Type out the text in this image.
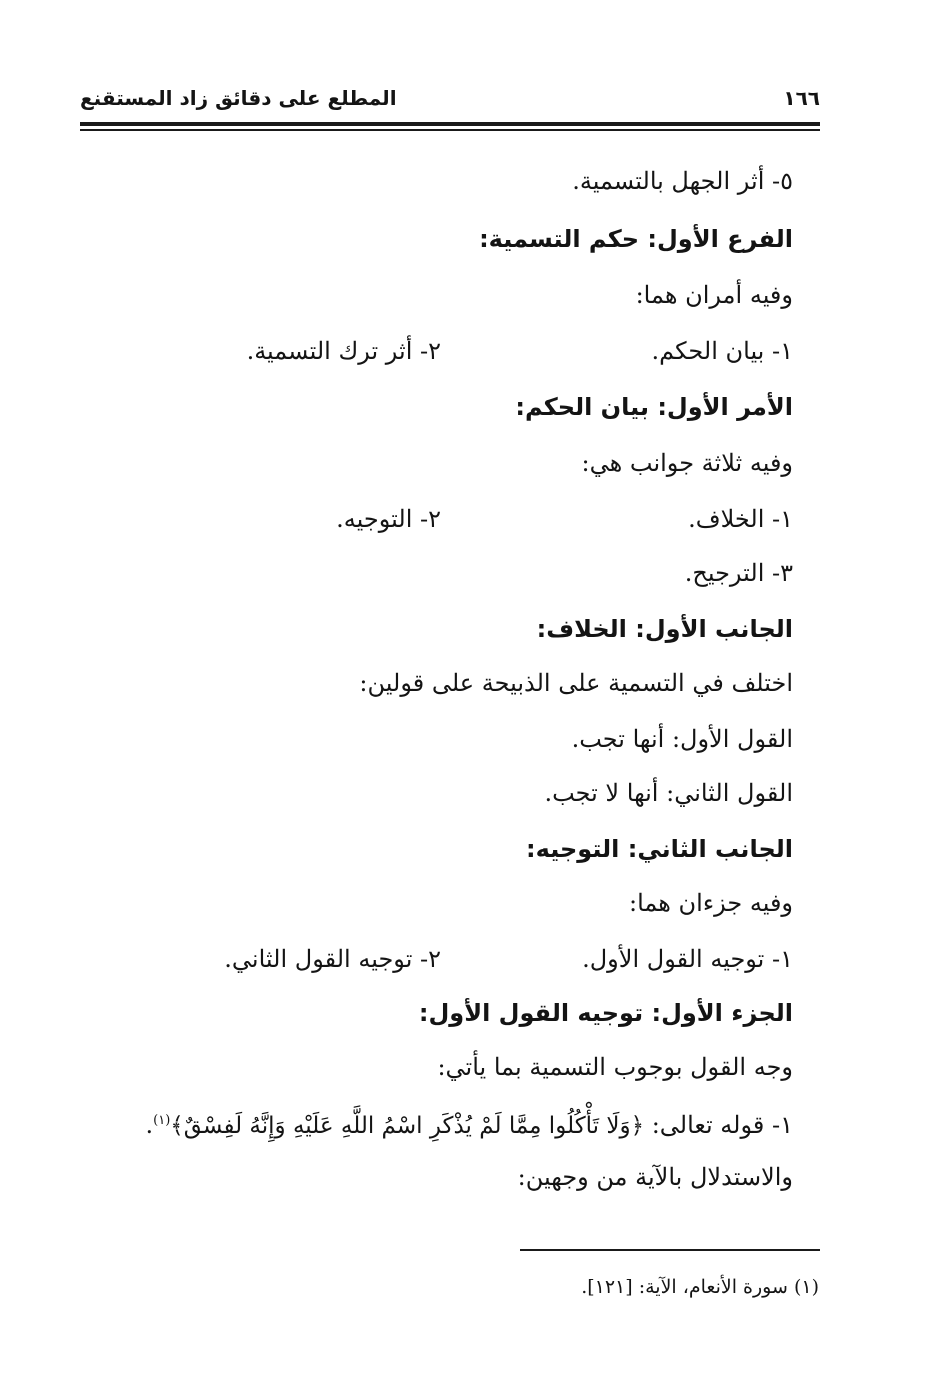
المطلع على دقائق زاد المستقنع	١٦٦
٥- أثر الجهل بالتسمية.
الفرع الأول: حكم التسمية:
وفيه أمران هما:
١- بيان الحكم.
٢- أثر ترك التسمية.
الأمر الأول: بيان الحكم:
وفيه ثلاثة جوانب هي:
١- الخلاف.
٢- التوجيه.
٣- الترجيح.
الجانب الأول: الخلاف:
اختلف في التسمية على الذبيحة على قولين:
القول الأول: أنها تجب.
القول الثاني: أنها لا تجب.
الجانب الثاني: التوجيه:
وفيه جزءان هما:
١- توجيه القول الأول.
٢- توجيه القول الثاني.
الجزء الأول: توجيه القول الأول:
وجه القول بوجوب التسمية بما يأتي:
١- قوله تعالى: ﴿وَلَا تَأْكُلُوا مِمَّا لَمْ يُذْكَرِ اسْمُ اللَّهِ عَلَيْهِ وَإِنَّهُ لَفِسْقٌ﴾$^{(١)}$.
والاستدلال بالآية من وجهين:
(١) سورة الأنعام، الآية: [١٢١].
